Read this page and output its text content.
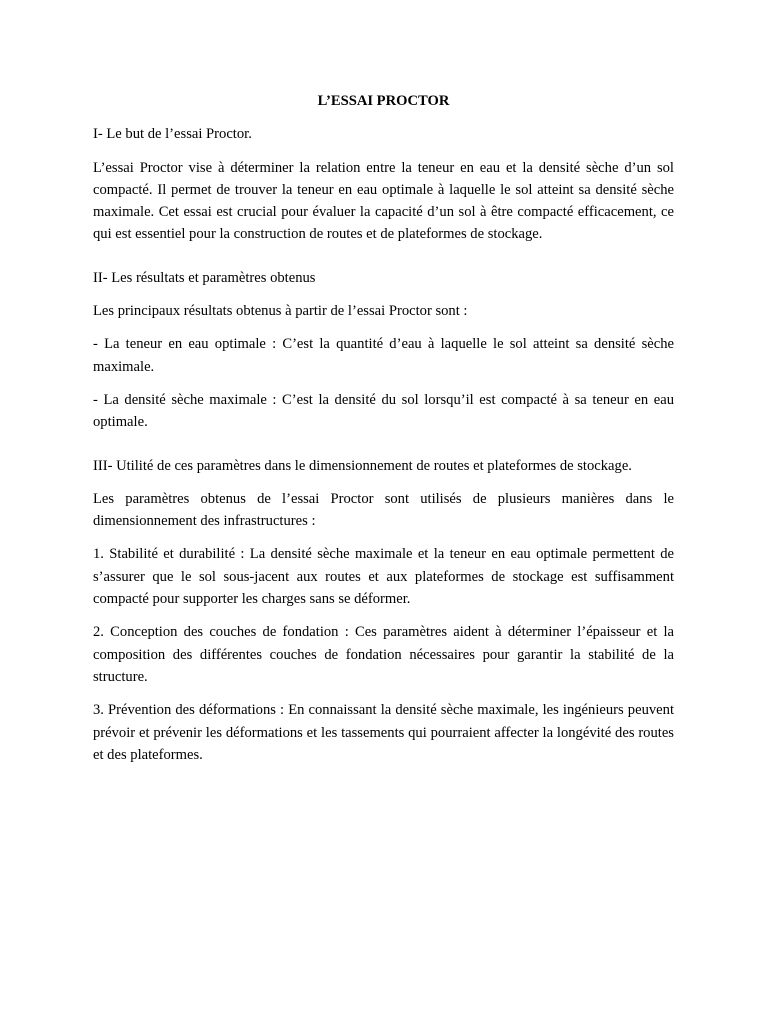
L’ESSAI PROCTOR

I- Le but de l’essai Proctor.

L’essai Proctor vise à déterminer la relation entre la teneur en eau et la densité sèche d’un sol compacté. Il permet de trouver la teneur en eau optimale à laquelle le sol atteint sa densité sèche maximale. Cet essai est crucial pour évaluer la capacité d’un sol à être compacté efficacement, ce qui est essentiel pour la construction de routes et de plateformes de stockage.

II- Les résultats et paramètres obtenus

Les principaux résultats obtenus à partir de l’essai Proctor sont :

- La teneur en eau optimale : C’est la quantité d’eau à laquelle le sol atteint sa densité sèche maximale.

- La densité sèche maximale : C’est la densité du sol lorsqu’il est compacté à sa teneur en eau optimale.

III- Utilité de ces paramètres dans le dimensionnement de routes et plateformes de stockage.

Les paramètres obtenus de l’essai Proctor sont utilisés de plusieurs manières dans le dimensionnement des infrastructures :

1. Stabilité et durabilité : La densité sèche maximale et la teneur en eau optimale permettent de s’assurer que le sol sous-jacent aux routes et aux plateformes de stockage est suffisamment compacté pour supporter les charges sans se déformer.

2. Conception des couches de fondation : Ces paramètres aident à déterminer l’épaisseur et la composition des différentes couches de fondation nécessaires pour garantir la stabilité de la structure.

3. Prévention des déformations : En connaissant la densité sèche maximale, les ingénieurs peuvent prévoir et prévenir les déformations et les tassements qui pourraient affecter la longévité des routes et des plateformes.
